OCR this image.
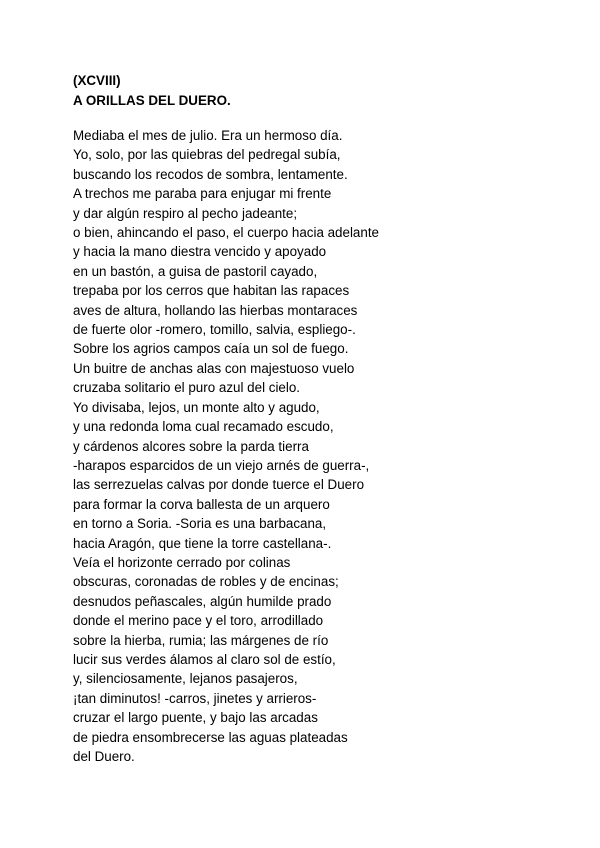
(XCVIII)
A ORILLAS DEL DUERO.
Mediaba el mes de julio. Era un hermoso día.
Yo, solo, por las quiebras del pedregal subía,
buscando los recodos de sombra, lentamente.
A trechos me paraba para enjugar mi frente
y dar algún respiro al pecho jadeante;
o bien, ahincando el paso, el cuerpo hacia adelante
y hacia la mano diestra vencido y apoyado
en un bastón, a guisa de pastoril cayado,
trepaba por los cerros que habitan las rapaces
aves de altura, hollando las hierbas montaraces
de fuerte olor -romero, tomillo, salvia, espliego-.
Sobre los agrios campos caía un sol de fuego.
Un buitre de anchas alas con majestuoso vuelo
cruzaba solitario el puro azul del cielo.
Yo divisaba, lejos, un monte alto y agudo,
y una redonda loma cual recamado escudo,
y cárdenos alcores sobre la parda tierra
-harapos esparcidos de un viejo arnés de guerra-,
las serrezuelas calvas por donde tuerce el Duero
para formar la corva ballesta de un arquero
en torno a Soria. -Soria es una barbacana,
hacia Aragón, que tiene la torre castellana-.
Veía el horizonte cerrado por colinas
obscuras, coronadas de robles y de encinas;
desnudos peñascales, algún humilde prado
donde el merino pace y el toro, arrodillado
sobre la hierba, rumia; las márgenes de río
lucir sus verdes álamos al claro sol de estío,
y, silenciosamente, lejanos pasajeros,
¡tan diminutos! -carros, jinetes y arrieros-
cruzar el largo puente, y bajo las arcadas
de piedra ensombrecerse las aguas plateadas
del Duero.
